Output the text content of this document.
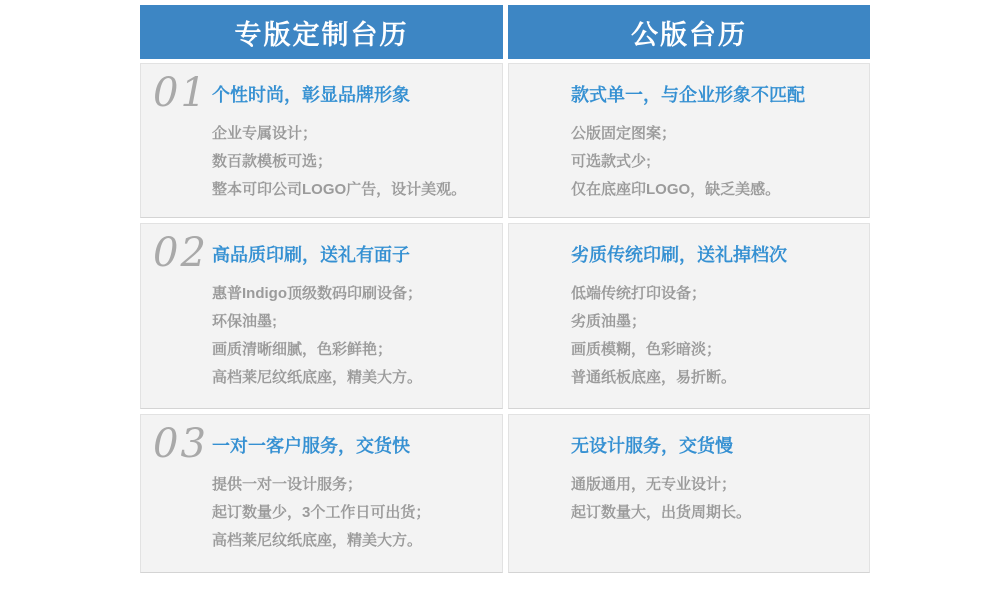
专版定制台历	公版台历
01 个性时尚，彰显品牌形象
企业专属设计；
数百款模板可选；
整本可印公司LOGO广告，设计美观。
款式单一，与企业形象不匹配
公版固定图案；
可选款式少;
仅在底座印LOGO，缺乏美感。
02 高品质印刷，送礼有面子
惠普Indigo顶级数码印刷设备；
环保油墨;
画质清晰细腻，色彩鲜艳；
高档莱尼纹纸底座，精美大方。
劣质传统印刷，送礼掉档次
低端传统打印设备；
劣质油墨；
画质模糊，色彩暗淡；
普通纸板底座，易折断。
03 一对一客户服务，交货快
提供一对一设计服务；
起订数量少，3个工作日可出货；
高档莱尼纹纸底座，精美大方。
无设计服务，交货慢
通版通用，无专业设计；
起订数量大，出货周期长。
